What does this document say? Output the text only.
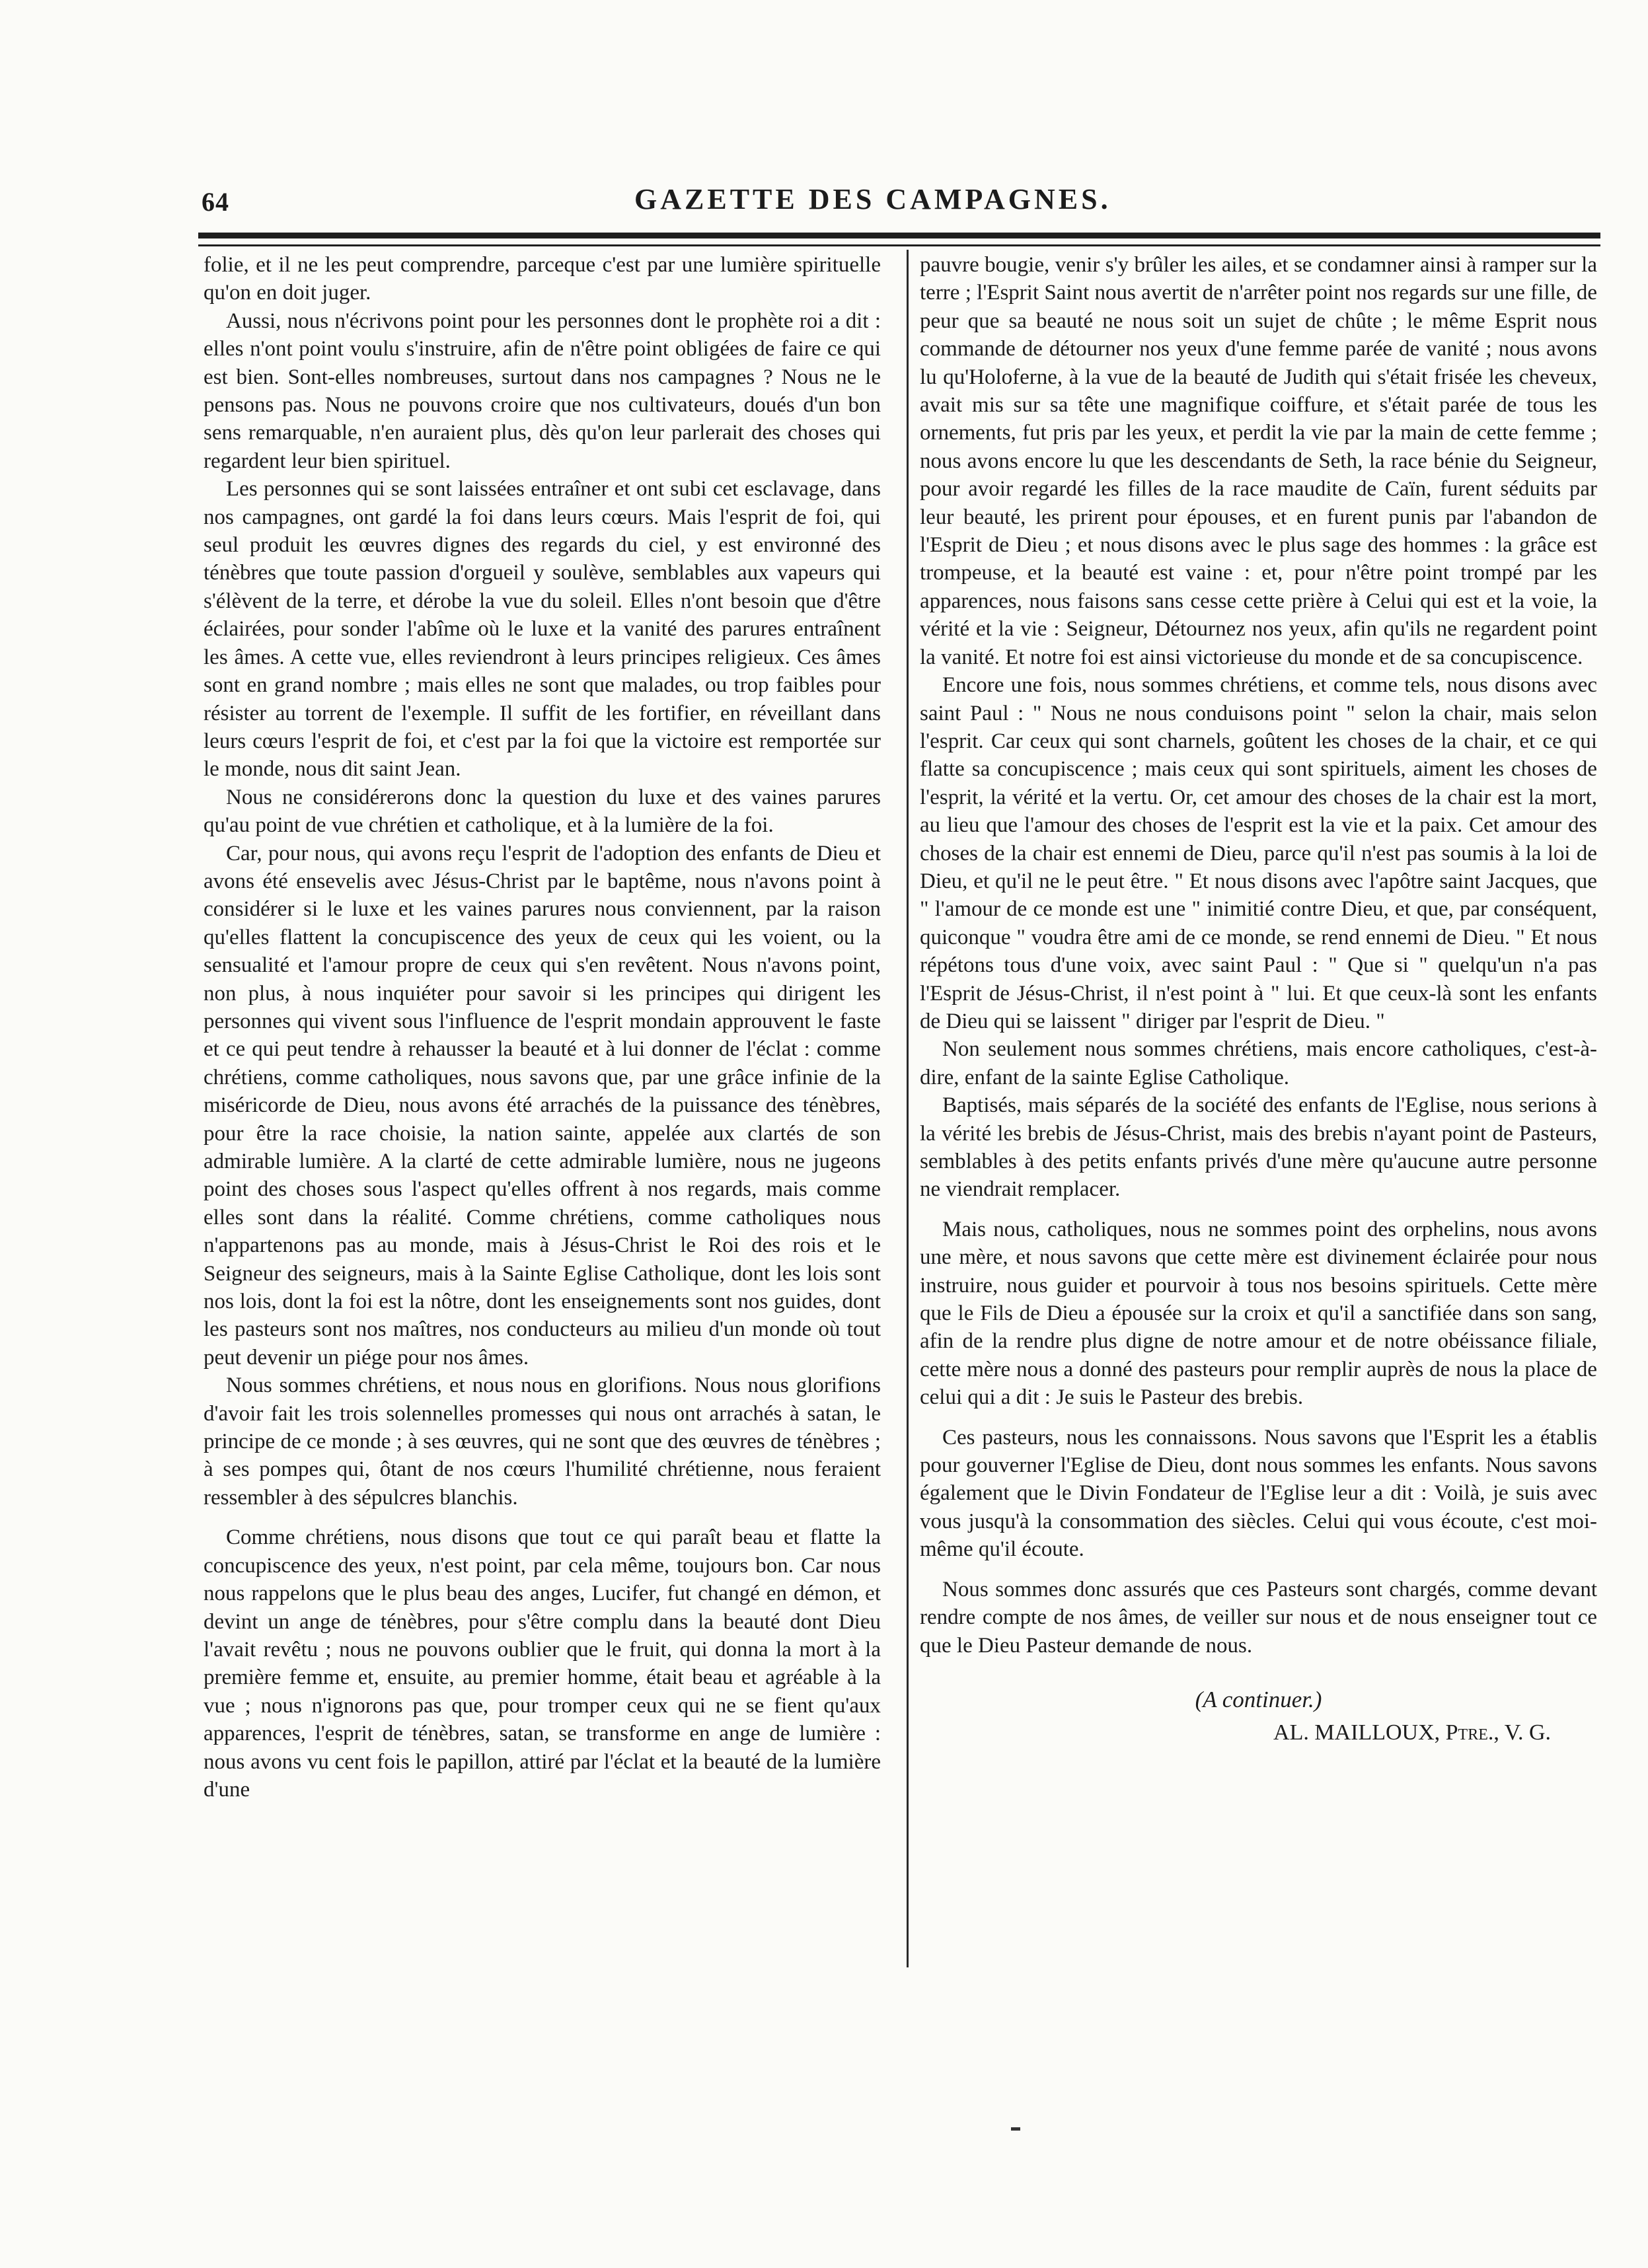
64	GAZETTE DES CAMPAGNES.

folie, et il ne les peut comprendre, parceque c'est par une lumière spirituelle qu'on en doit juger.

Aussi, nous n'écrivons point pour les personnes dont le prophète roi a dit : elles n'ont point voulu s'instruire, afin de n'être point obligées de faire ce qui est bien. Sont-elles nombreuses, surtout dans nos campagnes ? Nous ne le pensons pas. Nous ne pouvons croire que nos cultivateurs, doués d'un bon sens remarquable, n'en auraient plus, dès qu'on leur parlerait des choses qui regardent leur bien spirituel.

Les personnes qui se sont laissées entraîner et ont subi cet esclavage, dans nos campagnes, ont gardé la foi dans leurs cœurs. Mais l'esprit de foi, qui seul produit les œuvres dignes des regards du ciel, y est environné des ténèbres que toute passion d'orgueil y soulève, semblables aux vapeurs qui s'élèvent de la terre, et dérobe la vue du soleil. Elles n'ont besoin que d'être éclairées, pour sonder l'abîme où le luxe et la vanité des parures entraînent les âmes. A cette vue, elles reviendront à leurs principes religieux. Ces âmes sont en grand nombre ; mais elles ne sont que malades, ou trop faibles pour résister au torrent de l'exemple. Il suffit de les fortifier, en réveillant dans leurs cœurs l'esprit de foi, et c'est par la foi que la victoire est remportée sur le monde, nous dit saint Jean.

Nous ne considérerons donc la question du luxe et des vaines parures qu'au point de vue chrétien et catholique, et à la lumière de la foi.

Car, pour nous, qui avons reçu l'esprit de l'adoption des enfants de Dieu et avons été ensevelis avec Jésus-Christ par le baptême, nous n'avons point à considérer si le luxe et les vaines parures nous conviennent, par la raison qu'elles flattent la concupiscence des yeux de ceux qui les voient, ou la sensualité et l'amour propre de ceux qui s'en revêtent. Nous n'avons point, non plus, à nous inquiéter pour savoir si les principes qui dirigent les personnes qui vivent sous l'influence de l'esprit mondain approuvent le faste et ce qui peut tendre à rehausser la beauté et à lui donner de l'éclat : comme chrétiens, comme catholiques, nous savons que, par une grâce infinie de la miséricorde de Dieu, nous avons été arrachés de la puissance des ténèbres, pour être la race choisie, la nation sainte, appelée aux clartés de son admirable lumière. A la clarté de cette admirable lumière, nous ne jugeons point des choses sous l'aspect qu'elles offrent à nos regards, mais comme elles sont dans la réalité. Comme chrétiens, comme catholiques nous n'appartenons pas au monde, mais à Jésus-Christ le Roi des rois et le Seigneur des seigneurs, mais à la Sainte Eglise Catholique, dont les lois sont nos lois, dont la foi est la nôtre, dont les enseignements sont nos guides, dont les pasteurs sont nos maîtres, nos conducteurs au milieu d'un monde où tout peut devenir un piége pour nos âmes.

Nous sommes chrétiens, et nous nous en glorifions. Nous nous glorifions d'avoir fait les trois solennelles promesses qui nous ont arrachés à satan, le principe de ce monde ; à ses œuvres, qui ne sont que des œuvres de ténèbres ; à ses pompes qui, ôtant de nos cœurs l'humilité chrétienne, nous feraient ressembler à des sépulcres blanchis.

Comme chrétiens, nous disons que tout ce qui paraît beau et flatte la concupiscence des yeux, n'est point, par cela même, toujours bon. Car nous nous rappelons que le plus beau des anges, Lucifer, fut changé en démon, et devint un ange de ténèbres, pour s'être complu dans la beauté dont Dieu l'avait revêtu ; nous ne pouvons oublier que le fruit, qui donna la mort à la première femme et, ensuite, au premier homme, était beau et agréable à la vue ; nous n'ignorons pas que, pour tromper ceux qui ne se fient qu'aux apparences, l'esprit de ténèbres, satan, se transforme en ange de lumière : nous avons vu cent fois le papillon, attiré par l'éclat et la beauté de la lumière d'une

pauvre bougie, venir s'y brûler les ailes, et se condamner ainsi à ramper sur la terre ; l'Esprit Saint nous avertit de n'arrêter point nos regards sur une fille, de peur que sa beauté ne nous soit un sujet de chûte ; le même Esprit nous commande de détourner nos yeux d'une femme parée de vanité ; nous avons lu qu'Holoferne, à la vue de la beauté de Judith qui s'était frisée les cheveux, avait mis sur sa tête une magnifique coiffure, et s'était parée de tous les ornements, fut pris par les yeux, et perdit la vie par la main de cette femme ; nous avons encore lu que les descendants de Seth, la race bénie du Seigneur, pour avoir regardé les filles de la race maudite de Caïn, furent séduits par leur beauté, les prirent pour épouses, et en furent punis par l'abandon de l'Esprit de Dieu ; et nous disons avec le plus sage des hommes : la grâce est trompeuse, et la beauté est vaine : et, pour n'être point trompé par les apparences, nous faisons sans cesse cette prière à Celui qui est et la voie, la vérité et la vie : Seigneur, Détournez nos yeux, afin qu'ils ne regardent point la vanité. Et notre foi est ainsi victorieuse du monde et de sa concupiscence.

Encore une fois, nous sommes chrétiens, et comme tels, nous disons avec saint Paul : " Nous ne nous conduisons point " selon la chair, mais selon l'esprit. Car ceux qui sont charnels, goûtent les choses de la chair, et ce qui flatte sa concupiscence ; mais ceux qui sont spirituels, aiment les choses de l'esprit, la vérité et la vertu. Or, cet amour des choses de la chair est la mort, au lieu que l'amour des choses de l'esprit est la vie et la paix. Cet amour des choses de la chair est ennemi de Dieu, parce qu'il n'est pas soumis à la loi de Dieu, et qu'il ne le peut être. " Et nous disons avec l'apôtre saint Jacques, que " l'amour de ce monde est une " inimitié contre Dieu, et que, par conséquent, quiconque " voudra être ami de ce monde, se rend ennemi de Dieu. " Et nous répétons tous d'une voix, avec saint Paul : " Que si " quelqu'un n'a pas l'Esprit de Jésus-Christ, il n'est point à " lui. Et que ceux-là sont les enfants de Dieu qui se laissent " diriger par l'esprit de Dieu. "

Non seulement nous sommes chrétiens, mais encore catholiques, c'est-à-dire, enfant de la sainte Eglise Catholique.

Baptisés, mais séparés de la société des enfants de l'Eglise, nous serions à la vérité les brebis de Jésus-Christ, mais des brebis n'ayant point de Pasteurs, semblables à des petits enfants privés d'une mère qu'aucune autre personne ne viendrait remplacer.

Mais nous, catholiques, nous ne sommes point des orphelins, nous avons une mère, et nous savons que cette mère est divinement éclairée pour nous instruire, nous guider et pourvoir à tous nos besoins spirituels. Cette mère que le Fils de Dieu a épousée sur la croix et qu'il a sanctifiée dans son sang, afin de la rendre plus digne de notre amour et de notre obéissance filiale, cette mère nous a donné des pasteurs pour remplir auprès de nous la place de celui qui a dit : Je suis le Pasteur des brebis.

Ces pasteurs, nous les connaissons. Nous savons que l'Esprit les a établis pour gouverner l'Eglise de Dieu, dont nous sommes les enfants. Nous savons également que le Divin Fondateur de l'Eglise leur a dit : Voilà, je suis avec vous jusqu'à la consommation des siècles. Celui qui vous écoute, c'est moi-même qu'il écoute.

Nous sommes donc assurés que ces Pasteurs sont chargés, comme devant rendre compte de nos âmes, de veiller sur nous et de nous enseigner tout ce que le Dieu Pasteur demande de nous.

(A continuer.)
AL. MAILLOUX, Ptre., V. G.
